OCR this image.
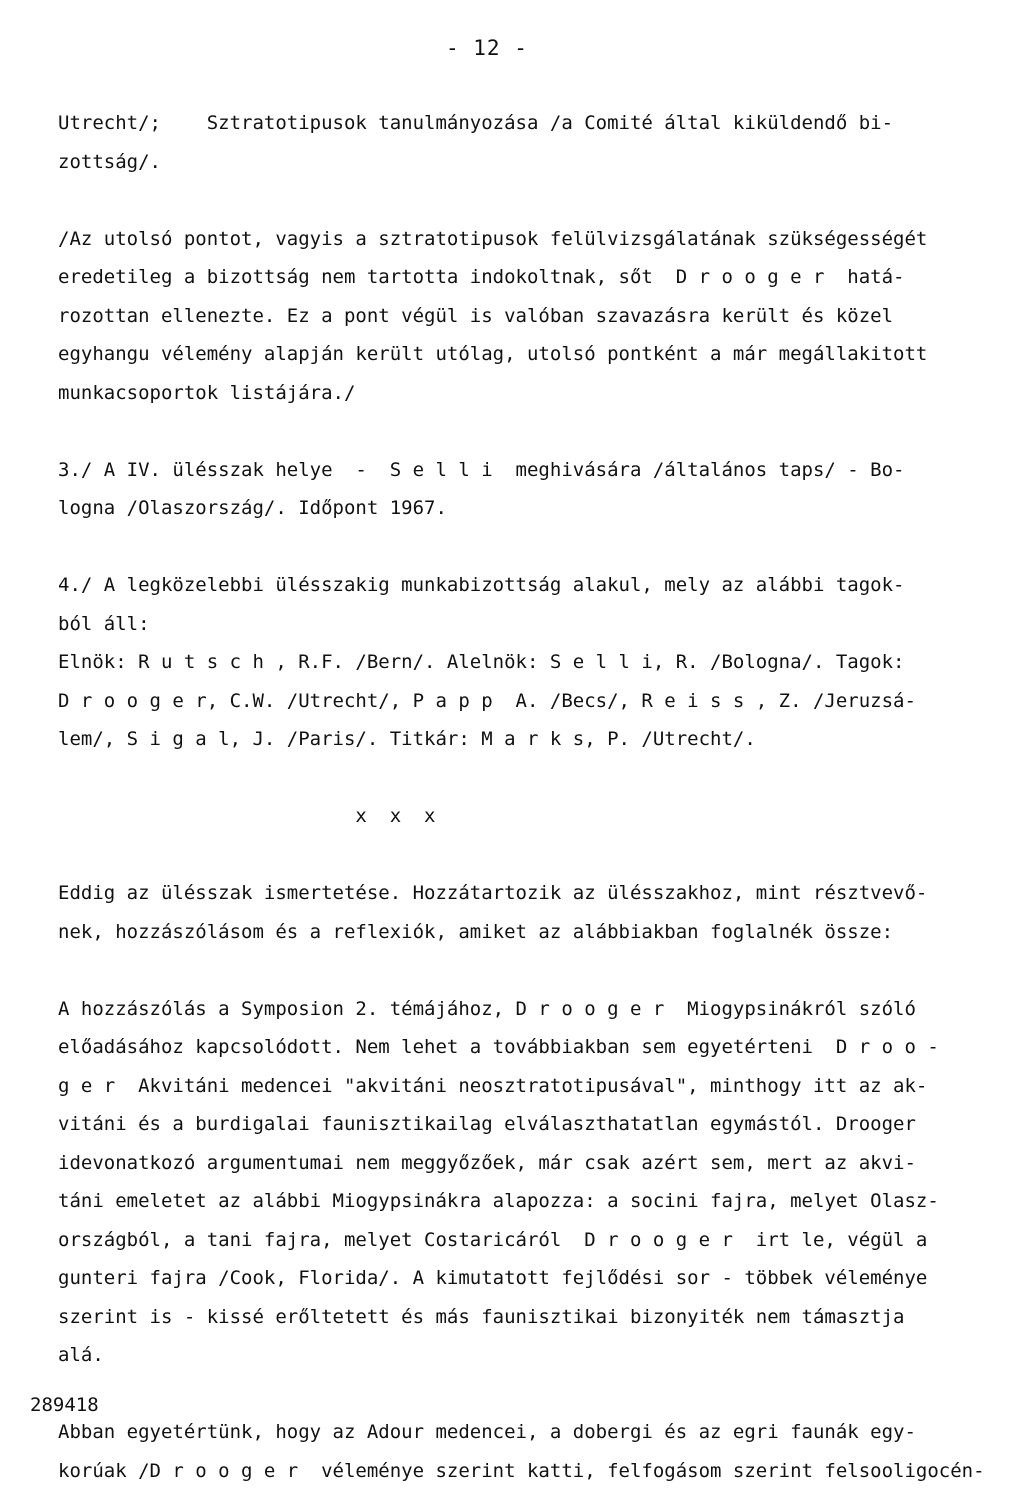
- 12 -
Utrecht/;    Sztratotipusok tanulmányozása /a Comité által kiküldendő bi-
zottság/.
/Az utolsó pontot, vagyis a sztratotipusok felülvizsgálatának szükségességét
eredetileg a bizottság nem tartotta indokoltnak, sőt  D r o o g e r  hatá-
rozottan ellenezte. Ez a pont végül is valóban szavazásra került és közel
egyhangu vélemény alapján került utólag, utolsó pontként a már megállakitott
munkacsoportok listájára./
3./ A IV. ülésszak helye  -  S e l l i  meghivására /általános taps/ - Bo-
logna /Olaszország/. Időpont 1967.
4./ A legközelebbi ülésszakig munkabizottság alakul, mely az alábbi tagok-
ból áll:
Elnök: R u t s c h , R.F. /Bern/. Alelnök: S e l l i, R. /Bologna/. Tagok:
D r o o g e r, C.W. /Utrecht/, P a p p  A. /Becs/, R e i s s , Z. /Jeruzsá-
lem/, S i g a l, J. /Paris/. Titkár: M a r k s, P. /Utrecht/.
x  x  x
Eddig az ülésszak ismertetése. Hozzátartozik az ülésszakhoz, mint résztvevő-
nek, hozzászólásom és a reflexiók, amiket az alábbiakban foglalnék össze:
A hozzászólás a Symposion 2. témájához, D r o o g e r  Miogypsinákról szóló
előadásához kapcsolódott. Nem lehet a továbbiakban sem egyetérteni  D r o o -
g e r  Akvitáni medencei "akvitáni neosztratotipusával", minthogy itt az ak-
vitáni és a burdigalai faunisztikailag elválaszthatatlan egymástól. Drooger
idevonatkozó argumentumai nem meggyőzőek, már csak azért sem, mert az akvi-
táni emeletet az alábbi Miogypsinákra alapozza: a socini fajra, melyet Olasz-
országból, a tani fajra, melyet Costaricáról  D r o o g e r  irt le, végül a
gunteri fajra /Cook, Florida/. A kimutatott fejlődési sor - többek véleménye
szerint is - kissé erőltetett és más faunisztikai bizonyiték nem támasztja
alá.
Abban egyetértünk, hogy az Adour medencei, a dobergi és az egri faunák egy-
korúak /D r o o g e r  véleménye szerint katti, felfogásom szerint felsooligocén-
289418
